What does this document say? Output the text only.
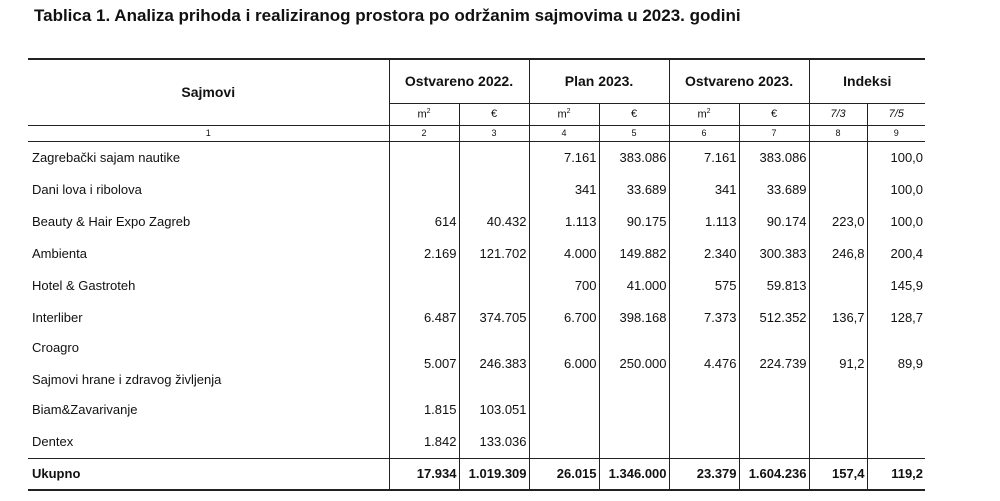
Tablica 1. Analiza prihoda i realiziranog prostora po održanim sajmovima u 2023. godini
Sajmovi	Ostvareno 2022.		Plan 2023.		Ostvareno 2023.		Indeksi	
	$m^2$	€	$m^2$	€	$m^2$	€	7/3	7/5
1	2	3	4	5	6	7	8	9
Zagrebački sajam nautike			7.161	383.086	7.161	383.086		100,0
Dani lova i ribolova			341	33.689	341	33.689		100,0
Beauty & Hair Expo Zagreb	614	40.432	1.113	90.175	1.113	90.174	223,0	100,0
Ambienta	2.169	121.702	4.000	149.882	2.340	300.383	246,8	200,4
Hotel & Gastroteh			700	41.000	575	59.813		145,9
Interliber	6.487	374.705	6.700	398.168	7.373	512.352	136,7	128,7

Croagro
Sajmovi hrane i zdravog življenja	5.007	246.383	6.000	250.000	4.476	224.739	91,2	89,9
Biam&Zavarivanje	1.815	103.051						
Dentex	1.842	133.036						
Ukupno	17.934	1.019.309	26.015	1.346.000	23.379	1.604.236	157,4	119,2
